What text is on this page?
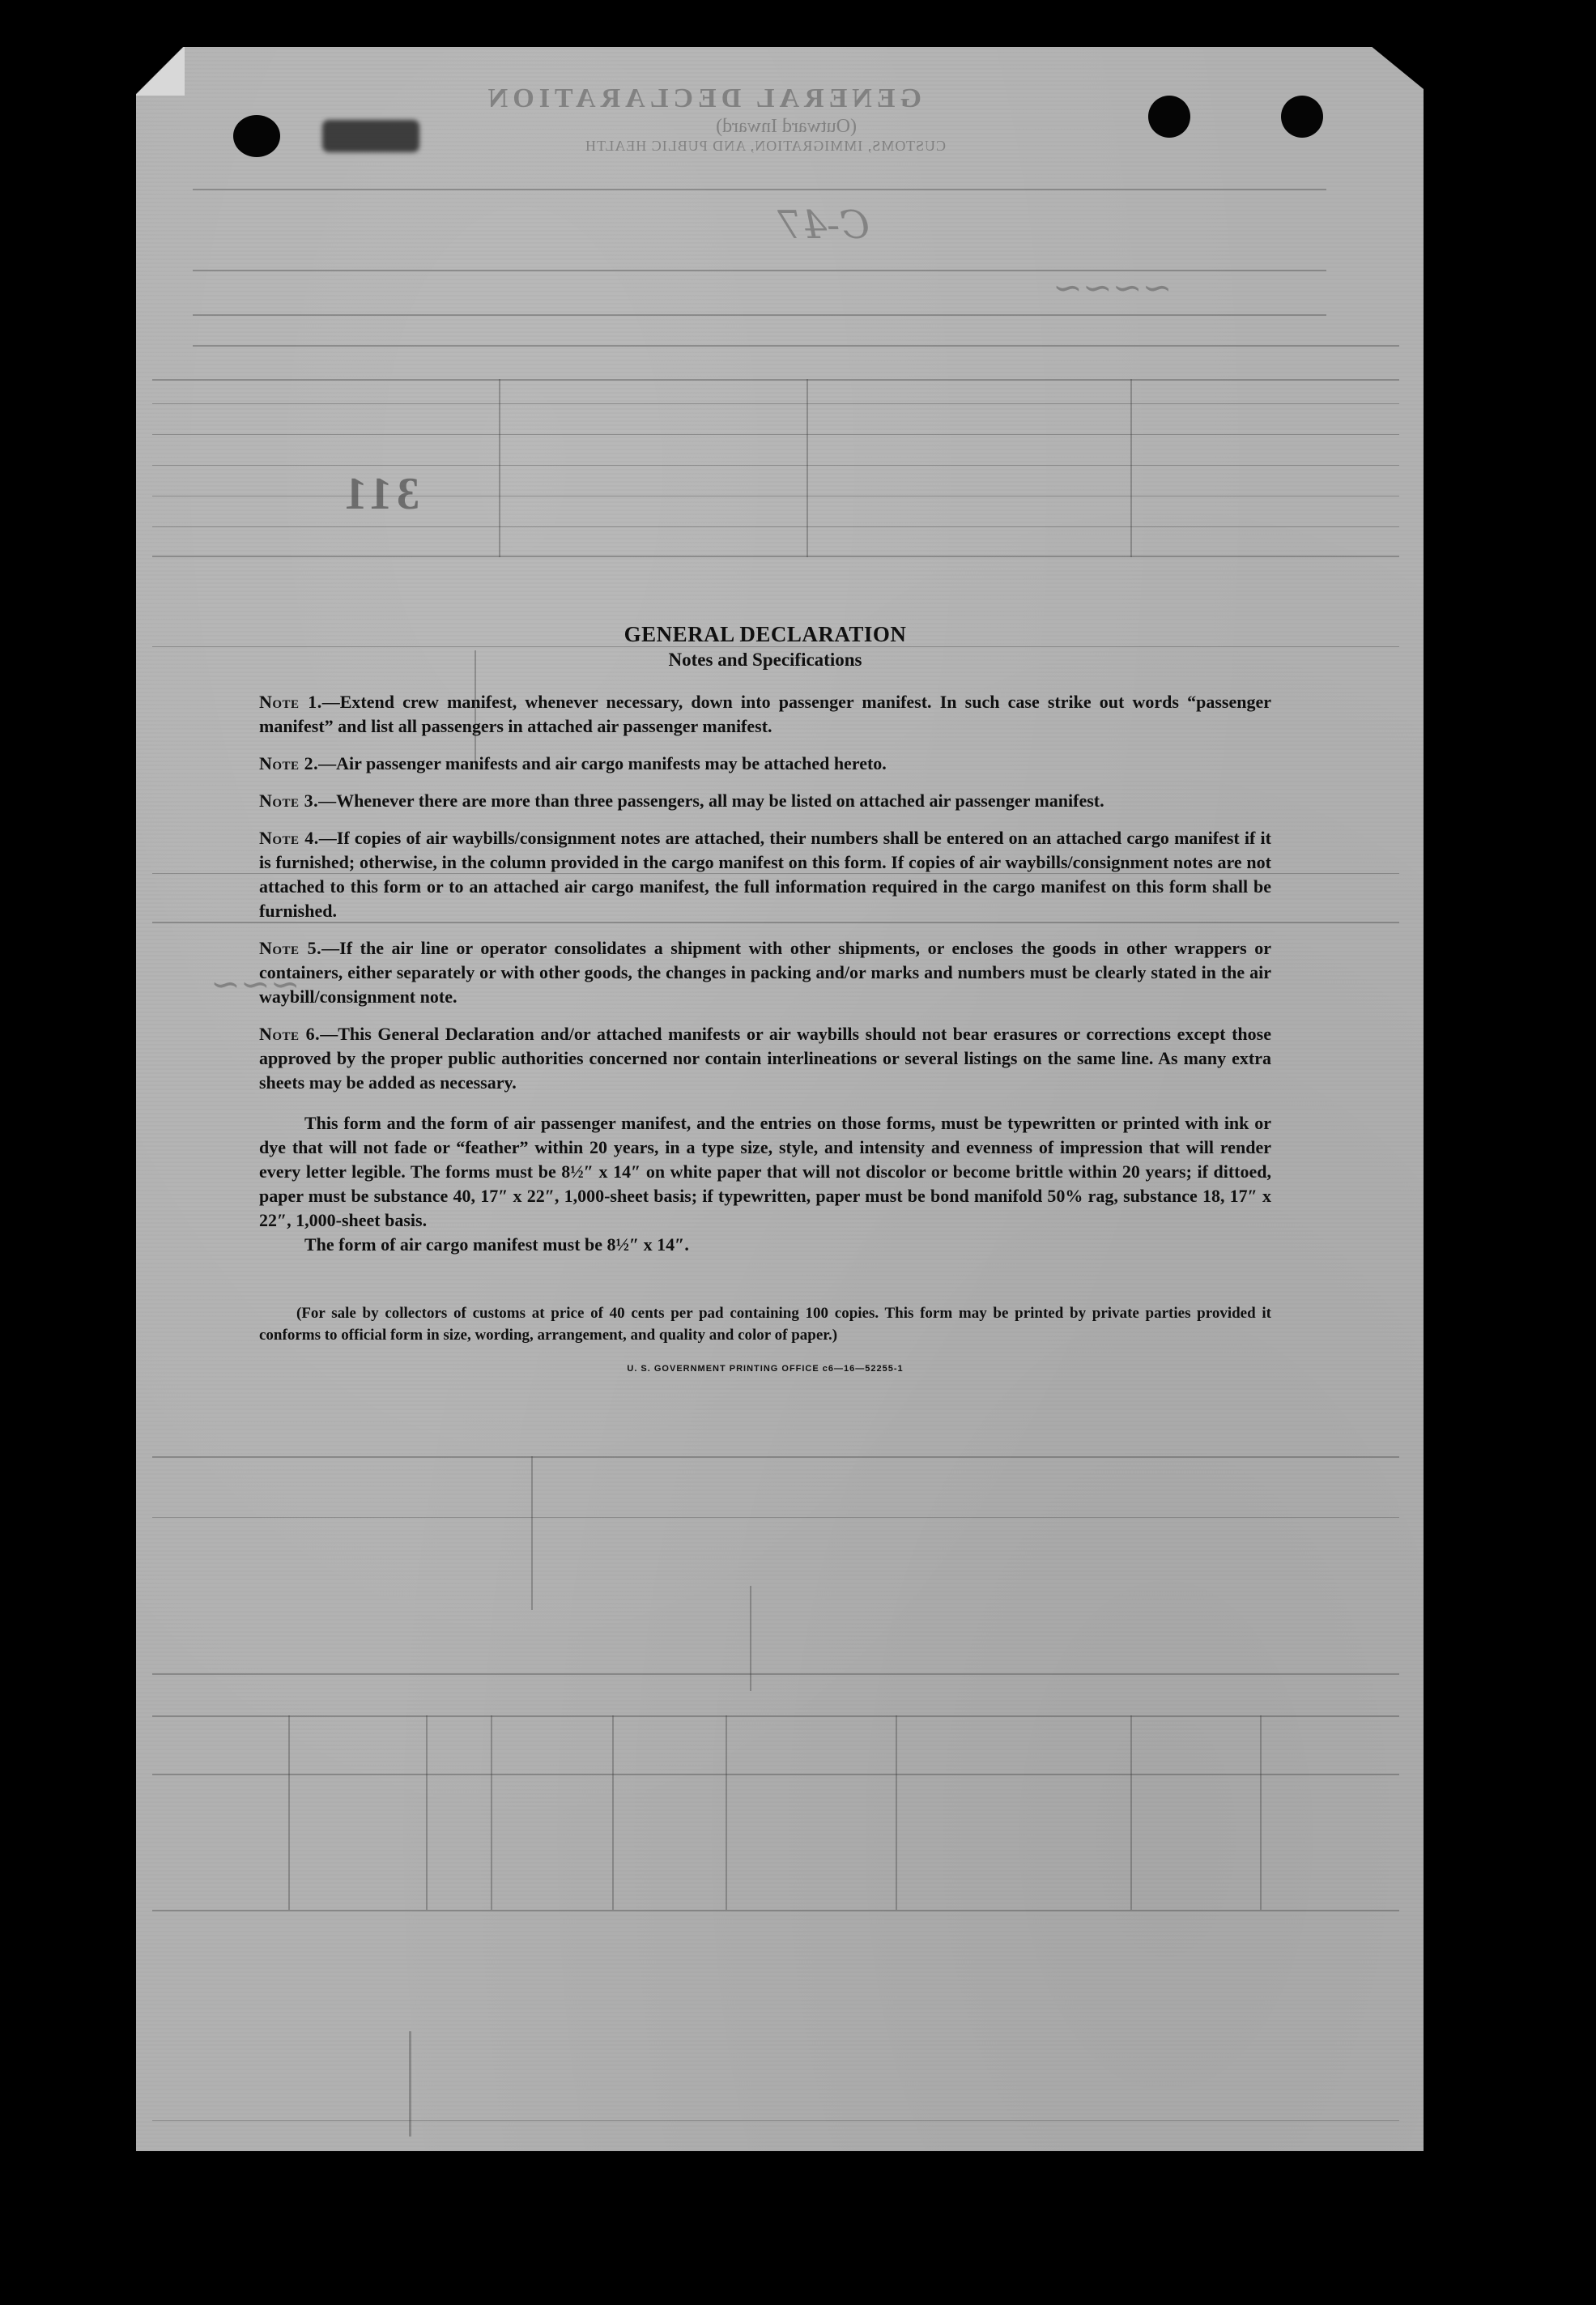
GENERAL DECLARATION
(Outward Inward)
CUSTOMS, IMMIGRATION, AND PUBLIC HEALTH
311
C-47
~~~~
~~~
GENERAL DECLARATION
Notes and Specifications
Note 1.—Extend crew manifest, whenever necessary, down into passenger manifest. In such case strike out words “passenger manifest” and list all passengers in attached air passenger manifest.
Note 2.—Air passenger manifests and air cargo manifests may be attached hereto.
Note 3.—Whenever there are more than three passengers, all may be listed on attached air passenger manifest.
Note 4.—If copies of air waybills/consignment notes are attached, their numbers shall be entered on an attached cargo manifest if it is furnished; otherwise, in the column provided in the cargo manifest on this form. If copies of air waybills/consignment notes are not attached to this form or to an attached air cargo manifest, the full information required in the cargo manifest on this form shall be furnished.
Note 5.—If the air line or operator consolidates a shipment with other shipments, or encloses the goods in other wrappers or containers, either separately or with other goods, the changes in packing and/or marks and numbers must be clearly stated in the air waybill/consignment note.
Note 6.—This General Declaration and/or attached manifests or air waybills should not bear erasures or corrections except those approved by the proper public authorities concerned nor contain interlineations or several listings on the same line. As many extra sheets may be added as necessary.
This form and the form of air passenger manifest, and the entries on those forms, must be typewritten or printed with ink or dye that will not fade or “feather” within 20 years, in a type size, style, and intensity and evenness of impression that will render every letter legible. The forms must be 8½″ x 14″ on white paper that will not discolor or become brittle within 20 years; if dittoed, paper must be substance 40, 17″ x 22″, 1,000-sheet basis; if typewritten, paper must be bond manifold 50% rag, substance 18, 17″ x 22″, 1,000-sheet basis.
The form of air cargo manifest must be 8½″ x 14″.
(For sale by collectors of customs at price of 40 cents per pad containing 100 copies. This form may be printed by private parties provided it conforms to official form in size, wording, arrangement, and quality and color of paper.)
U. S. GOVERNMENT PRINTING OFFICE c6—16—52255-1
